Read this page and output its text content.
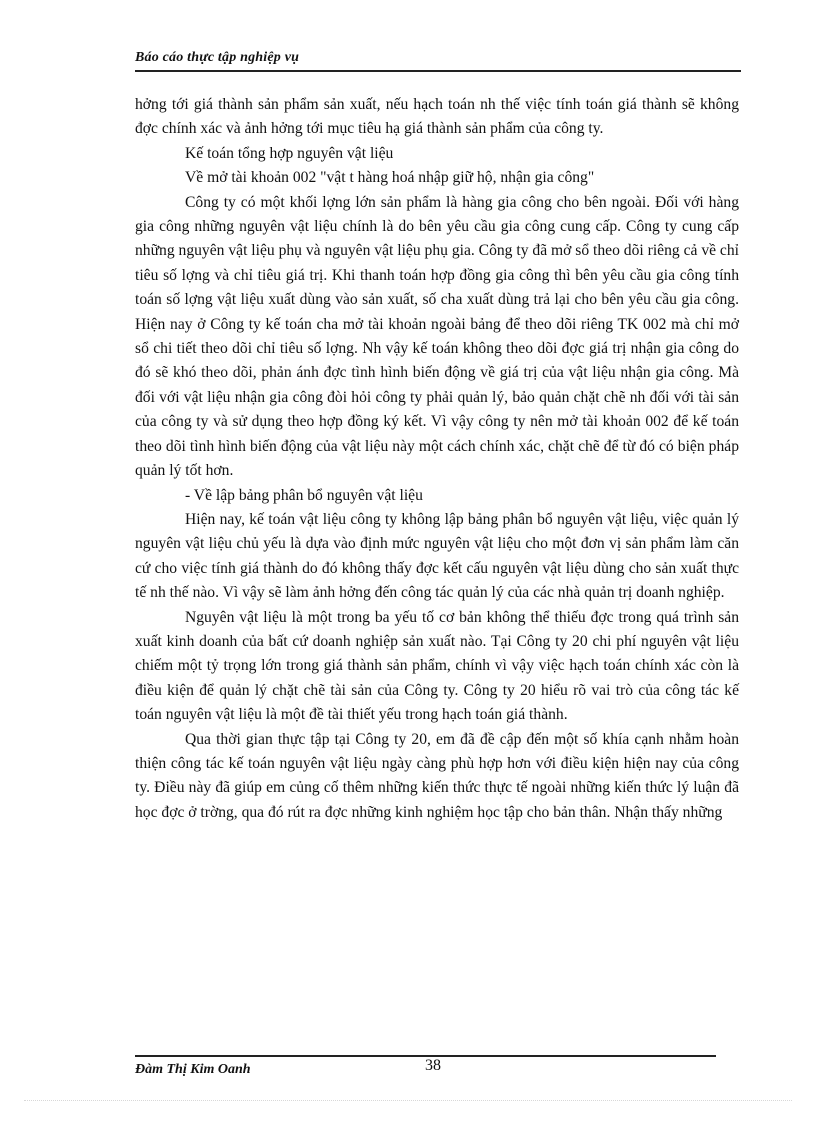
Báo cáo thực tập nghiệp vụ

hởng tới giá thành sản phẩm sản xuất, nếu hạch toán nh thế việc tính toán giá thành sẽ không đợc chính xác và ảnh hởng tới mục tiêu hạ giá thành sản phẩm của công ty.

Kế toán tổng hợp nguyên vật liệu

Về mở tài khoản 002 "vật t hàng hoá nhập giữ hộ, nhận gia công"

Công ty có một khối lợng lớn sản phẩm là hàng gia công cho bên ngoài. Đối với hàng gia công những nguyên vật liệu chính là do bên yêu cầu gia công cung cấp. Công ty cung cấp những nguyên vật liệu phụ và nguyên vật liệu phụ gia. Công ty đã mở sổ theo dõi riêng cả về chỉ tiêu số lợng và chỉ tiêu giá trị. Khi thanh toán hợp đồng gia công thì bên yêu cầu gia công tính toán số lợng vật liệu xuất dùng vào sản xuất, số cha xuất dùng trả lại cho bên yêu cầu gia công. Hiện nay ở Công ty kế toán cha mở tài khoản ngoài bảng để theo dõi riêng TK 002 mà chỉ mở sổ chi tiết theo dõi chỉ tiêu số lợng. Nh vậy kế toán không theo dõi đợc giá trị nhận gia công do đó sẽ khó theo dõi, phản ánh đợc tình hình biến động về giá trị của vật liệu nhận gia công. Mà đối với vật liệu nhận gia công đòi hỏi công ty phải quản lý, bảo quản chặt chẽ nh đối với tài sản của công ty và sử dụng theo hợp đồng ký kết. Vì vậy công ty nên mở tài khoản 002 để kế toán theo dõi tình hình biến động của vật liệu này một cách chính xác, chặt chẽ để từ đó có biện pháp quản lý tốt hơn.

- Về lập bảng phân bổ nguyên vật liệu

Hiện nay, kế toán vật liệu công ty không lập bảng phân bổ nguyên vật liệu, việc quản lý nguyên vật liệu chủ yếu là dựa vào định mức nguyên vật liệu cho một đơn vị sản phẩm làm căn cứ cho việc tính giá thành do đó không thấy đợc kết cấu nguyên vật liệu dùng cho sản xuất thực tế nh thế nào. Vì vậy sẽ làm ảnh hởng đến công tác quản lý của các nhà quản trị doanh nghiệp.

Nguyên vật liệu là một trong ba yếu tố cơ bản không thể thiếu đợc trong quá trình sản xuất kinh doanh của bất cứ doanh nghiệp sản xuất nào. Tại Công ty 20 chi phí nguyên vật liệu chiếm một tỷ trọng lớn trong giá thành sản phẩm, chính vì vậy việc hạch toán chính xác còn là điều kiện để quản lý chặt chẽ tài sản của Công ty. Công ty 20 hiểu rõ vai trò của công tác kế toán nguyên vật liệu là một đề tài thiết yếu trong hạch toán giá thành.

Qua thời gian thực tập tại Công ty 20, em đã đề cập đến một số khía cạnh nhằm hoàn thiện công tác kế toán nguyên vật liệu ngày càng phù hợp hơn với điều kiện hiện nay của công ty. Điều này đã giúp em củng cố thêm những kiến thức thực tế ngoài những kiến thức lý luận đã học đợc ở trờng, qua đó rút ra đợc những kinh nghiệm học tập cho bản thân. Nhận thấy những

Đàm Thị Kim Oanh	38
